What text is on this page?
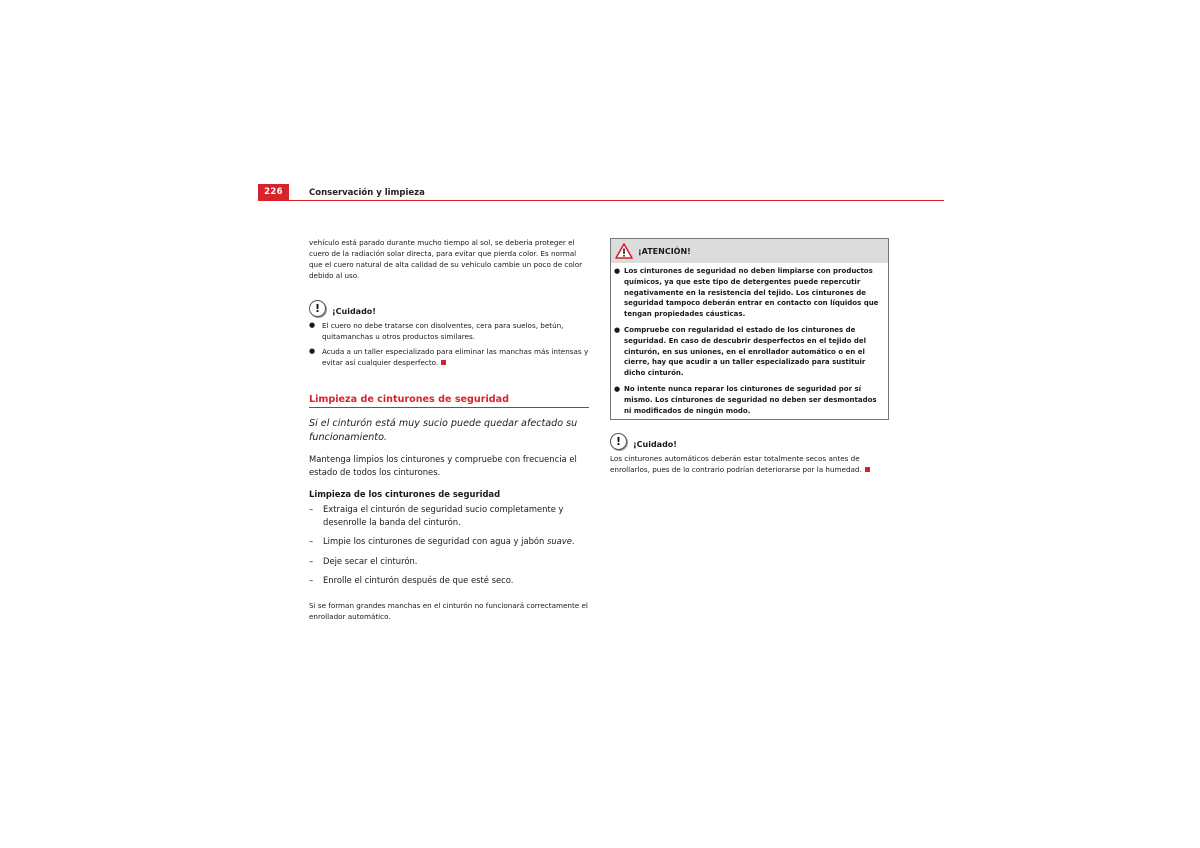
226	Conservación y limpieza

vehículo está parado durante mucho tiempo al sol, se debería proteger el cuero de la radiación solar directa, para evitar que pierda color. Es normal que el cuero natural de alta calidad de su vehículo cambie un poco de color debido al uso.

! ¡Cuidado!
● El cuero no debe tratarse con disolventes, cera para suelos, betún, quitamanchas u otros productos similares.
● Acuda a un taller especializado para eliminar las manchas más intensas y evitar así cualquier desperfecto.
Limpieza de cinturones de seguridad
Si el cinturón está muy sucio puede quedar afectado su funcionamiento.

Mantenga limpios los cinturones y compruebe con frecuencia el estado de todos los cinturones.

Limpieza de los cinturones de seguridad
–	Extraiga el cinturón de seguridad sucio completamente y desenrolle la banda del cinturón.
–	Limpie los cinturones de seguridad con agua y jabón suave.
–	Deje secar el cinturón.
–	Enrolle el cinturón después de que esté seco.

Si se forman grandes manchas en el cinturón no funcionará correctamente el enrollador automático.

¡ATENCIÓN!
● Los cinturones de seguridad no deben limpiarse con productos químicos, ya que este tipo de detergentes puede repercutir negativamente en la resistencia del tejido. Los cinturones de seguridad tampoco deberán entrar en contacto con líquidos que tengan propiedades cáusticas.
● Compruebe con regularidad el estado de los cinturones de seguridad. En caso de descubrir desperfectos en el tejido del cinturón, en sus uniones, en el enrollador automático o en el cierre, hay que acudir a un taller especializado para sustituir dicho cinturón.
● No intente nunca reparar los cinturones de seguridad por sí mismo. Los cinturones de seguridad no deben ser desmontados ni modificados de ningún modo.
! ¡Cuidado!

Los cinturones automáticos deberán estar totalmente secos antes de enrollarlos, pues de lo contrario podrían deteriorarse por la humedad.
